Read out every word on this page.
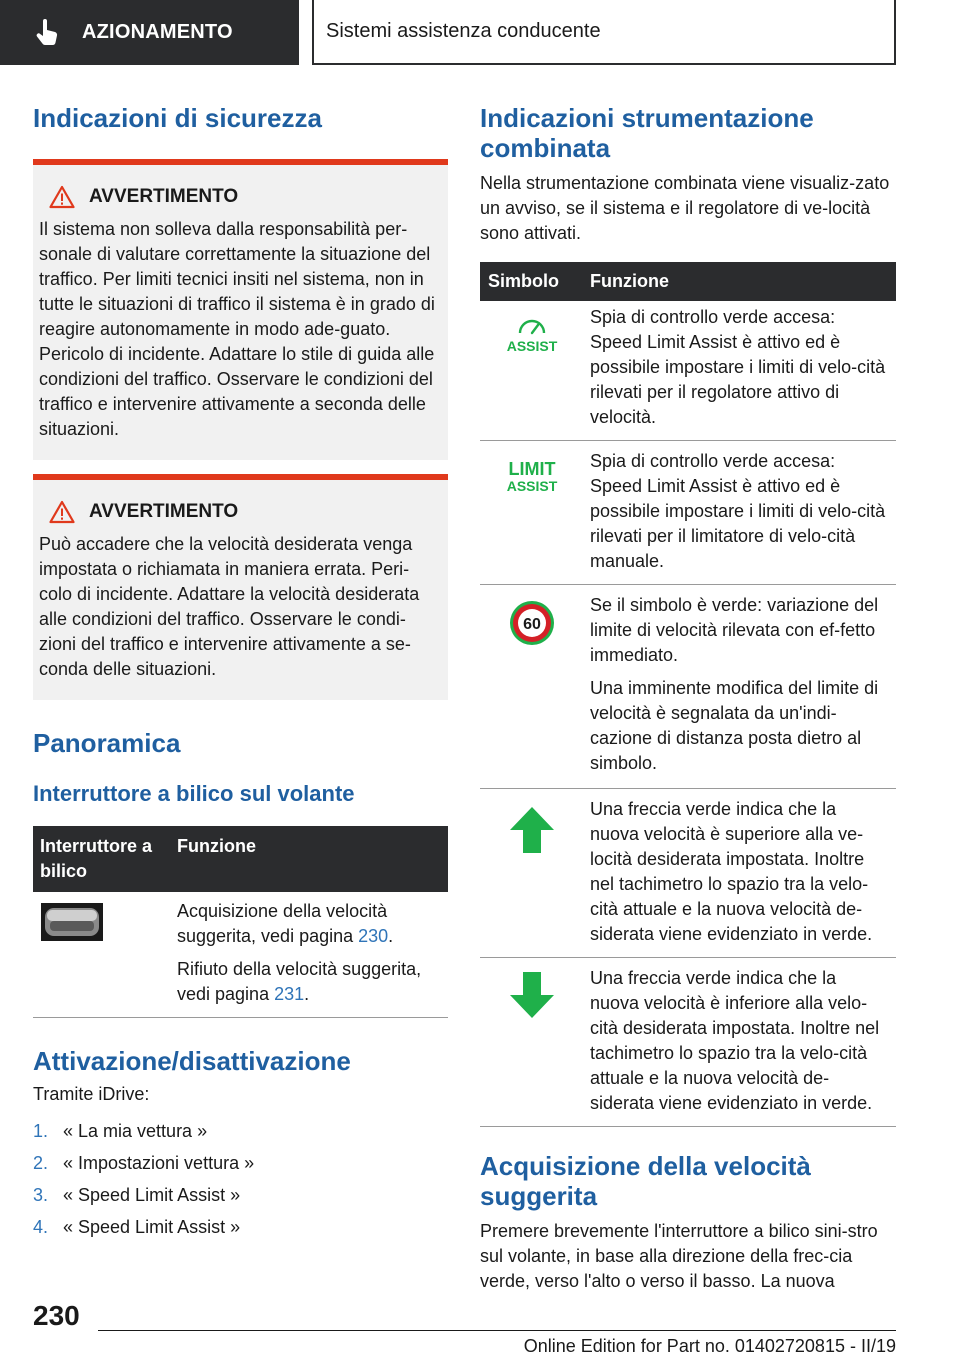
AZIONAMENTO	Sistemi assistenza conducente
Indicazioni di sicurezza
AVVERTIMENTO

Il sistema non solleva dalla responsabilità per-sonale di valutare correttamente la situazione del traffico. Per limiti tecnici insiti nel sistema, non in tutte le situazioni di traffico il sistema è in grado di reagire autonomamente in modo ade-guato. Pericolo di incidente. Adattare lo stile di guida alle condizioni del traffico. Osservare le condizioni del traffico e intervenire attivamente a seconda delle situazioni.

AVVERTIMENTO

Può accadere che la velocità desiderata venga impostata o richiamata in maniera errata. Peri-colo di incidente. Adattare la velocità desiderata alle condizioni del traffico. Osservare le condi-zioni del traffico e intervenire attivamente a se-conda delle situazioni.

Panoramica
Interruttore a bilico sul volante
Interruttore a bilico	Funzione

Acquisizione della velocità suggerita, vedi pagina 230.

Rifiuto della velocità suggerita, vedi pagina 231.

Attivazione/disattivazione
Tramite iDrive:
1. « La mia vettura »
2. « Impostazioni vettura »
3. « Speed Limit Assist »
4. « Speed Limit Assist »
Indicazioni strumentazione combinata
Nella strumentazione combinata viene visualiz-zato un avviso, se il sistema e il regolatore di ve-locità sono attivati.
Simbolo	Funzione

ASSIST	Spia di controllo verde accesa: Speed Limit Assist è attivo ed è possibile impostare i limiti di velo-cità rilevati per il regolatore attivo di velocità.

LIMIT
ASSIST	Spia di controllo verde accesa: Speed Limit Assist è attivo ed è possibile impostare i limiti di velo-cità rilevati per il limitatore di velo-cità manuale.

60	Se il simbolo è verde: variazione del limite di velocità rilevata con ef-fetto immediato.

Una imminente modifica del limite di velocità è segnalata da un'indi-cazione di distanza posta dietro al simbolo.

	Una freccia verde indica che la nuova velocità è superiore alla ve-locità desiderata impostata. Inoltre nel tachimetro lo spazio tra la velo-cità attuale e la nuova velocità de-siderata viene evidenziato in verde.
	Una freccia verde indica che la nuova velocità è inferiore alla velo-cità desiderata impostata. Inoltre nel tachimetro lo spazio tra la velo-cità attuale e la nuova velocità de-siderata viene evidenziato in verde.
Acquisizione della velocità suggerita
Premere brevemente l'interruttore a bilico sini-stro sul volante, in base alla direzione della frec-cia verde, verso l'alto o verso il basso. La nuova
230
Online Edition for Part no. 01402720815 - II/19
